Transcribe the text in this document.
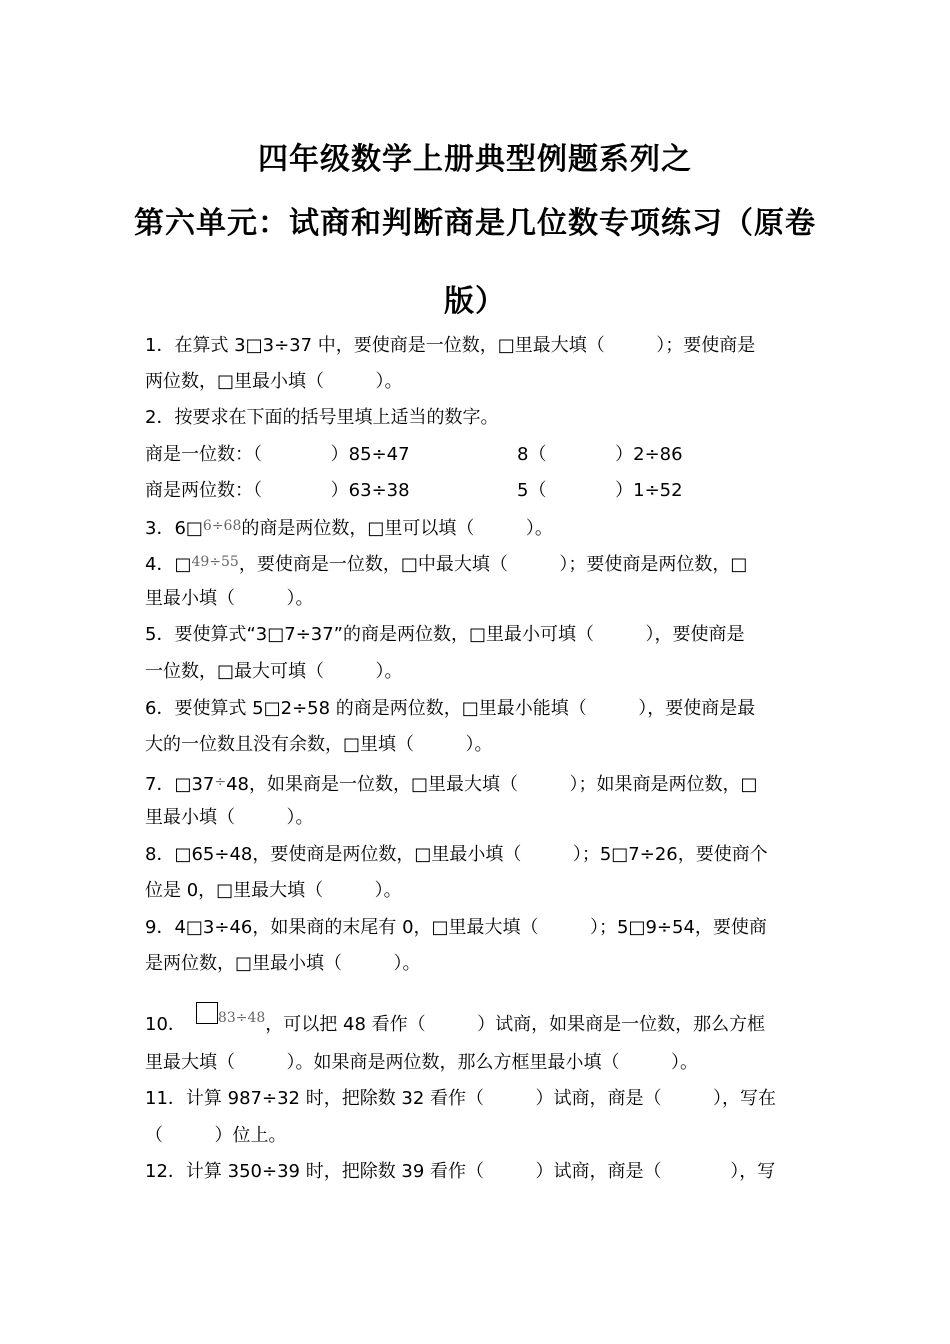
四年级数学上册典型例题系列之
第六单元：试商和判断商是几位数专项练习（原卷
版）
1．在算式 3□3÷37 中，要使商是一位数，□里最大填（         ）；要使商是
两位数，□里最小填（         ）。
2．按要求在下面的括号里填上适当的数字。
商是一位数：（            ）85÷47	8（            ）2÷86
商是两位数：（            ）63÷38	5（            ）1÷52
3．6□$^{6\div 68}$的商是两位数，□里可以填（         ）。
4．□$^{49\div 55}$，要使商是一位数，□中最大填（         ）；要使商是两位数，□
里最小填（         ）。
5．要使算式“3□7÷37”的商是两位数，□里最小可填（         ），要使商是
一位数，□最大可填（         ）。
6．要使算式 5□2÷58 的商是两位数，□里最小能填（         ），要使商是最
大的一位数且没有余数，□里填（         ）。
7．□37÷48，如果商是一位数，□里最大填（         ）；如果商是两位数，□
里最小填（         ）。
8．□65÷48，要使商是两位数，□里最小填（         ）；5□7÷26，要使商个
位是 0，□里最大填（         ）。
9．4□3÷46，如果商的末尾有 0，□里最大填（         ）；5□9÷54，要使商
是两位数，□里最小填（         ）。
10． $^{83\div 48}$，可以把 48 看作（         ）试商，如果商是一位数，那么方框
里最大填（         ）。如果商是两位数，那么方框里最小填（         ）。
11．计算 987÷32 时，把除数 32 看作（         ）试商，商是（         ），写在
（         ）位上。
12．计算 350÷39 时，把除数 39 看作（         ）试商，商是（            ），写
